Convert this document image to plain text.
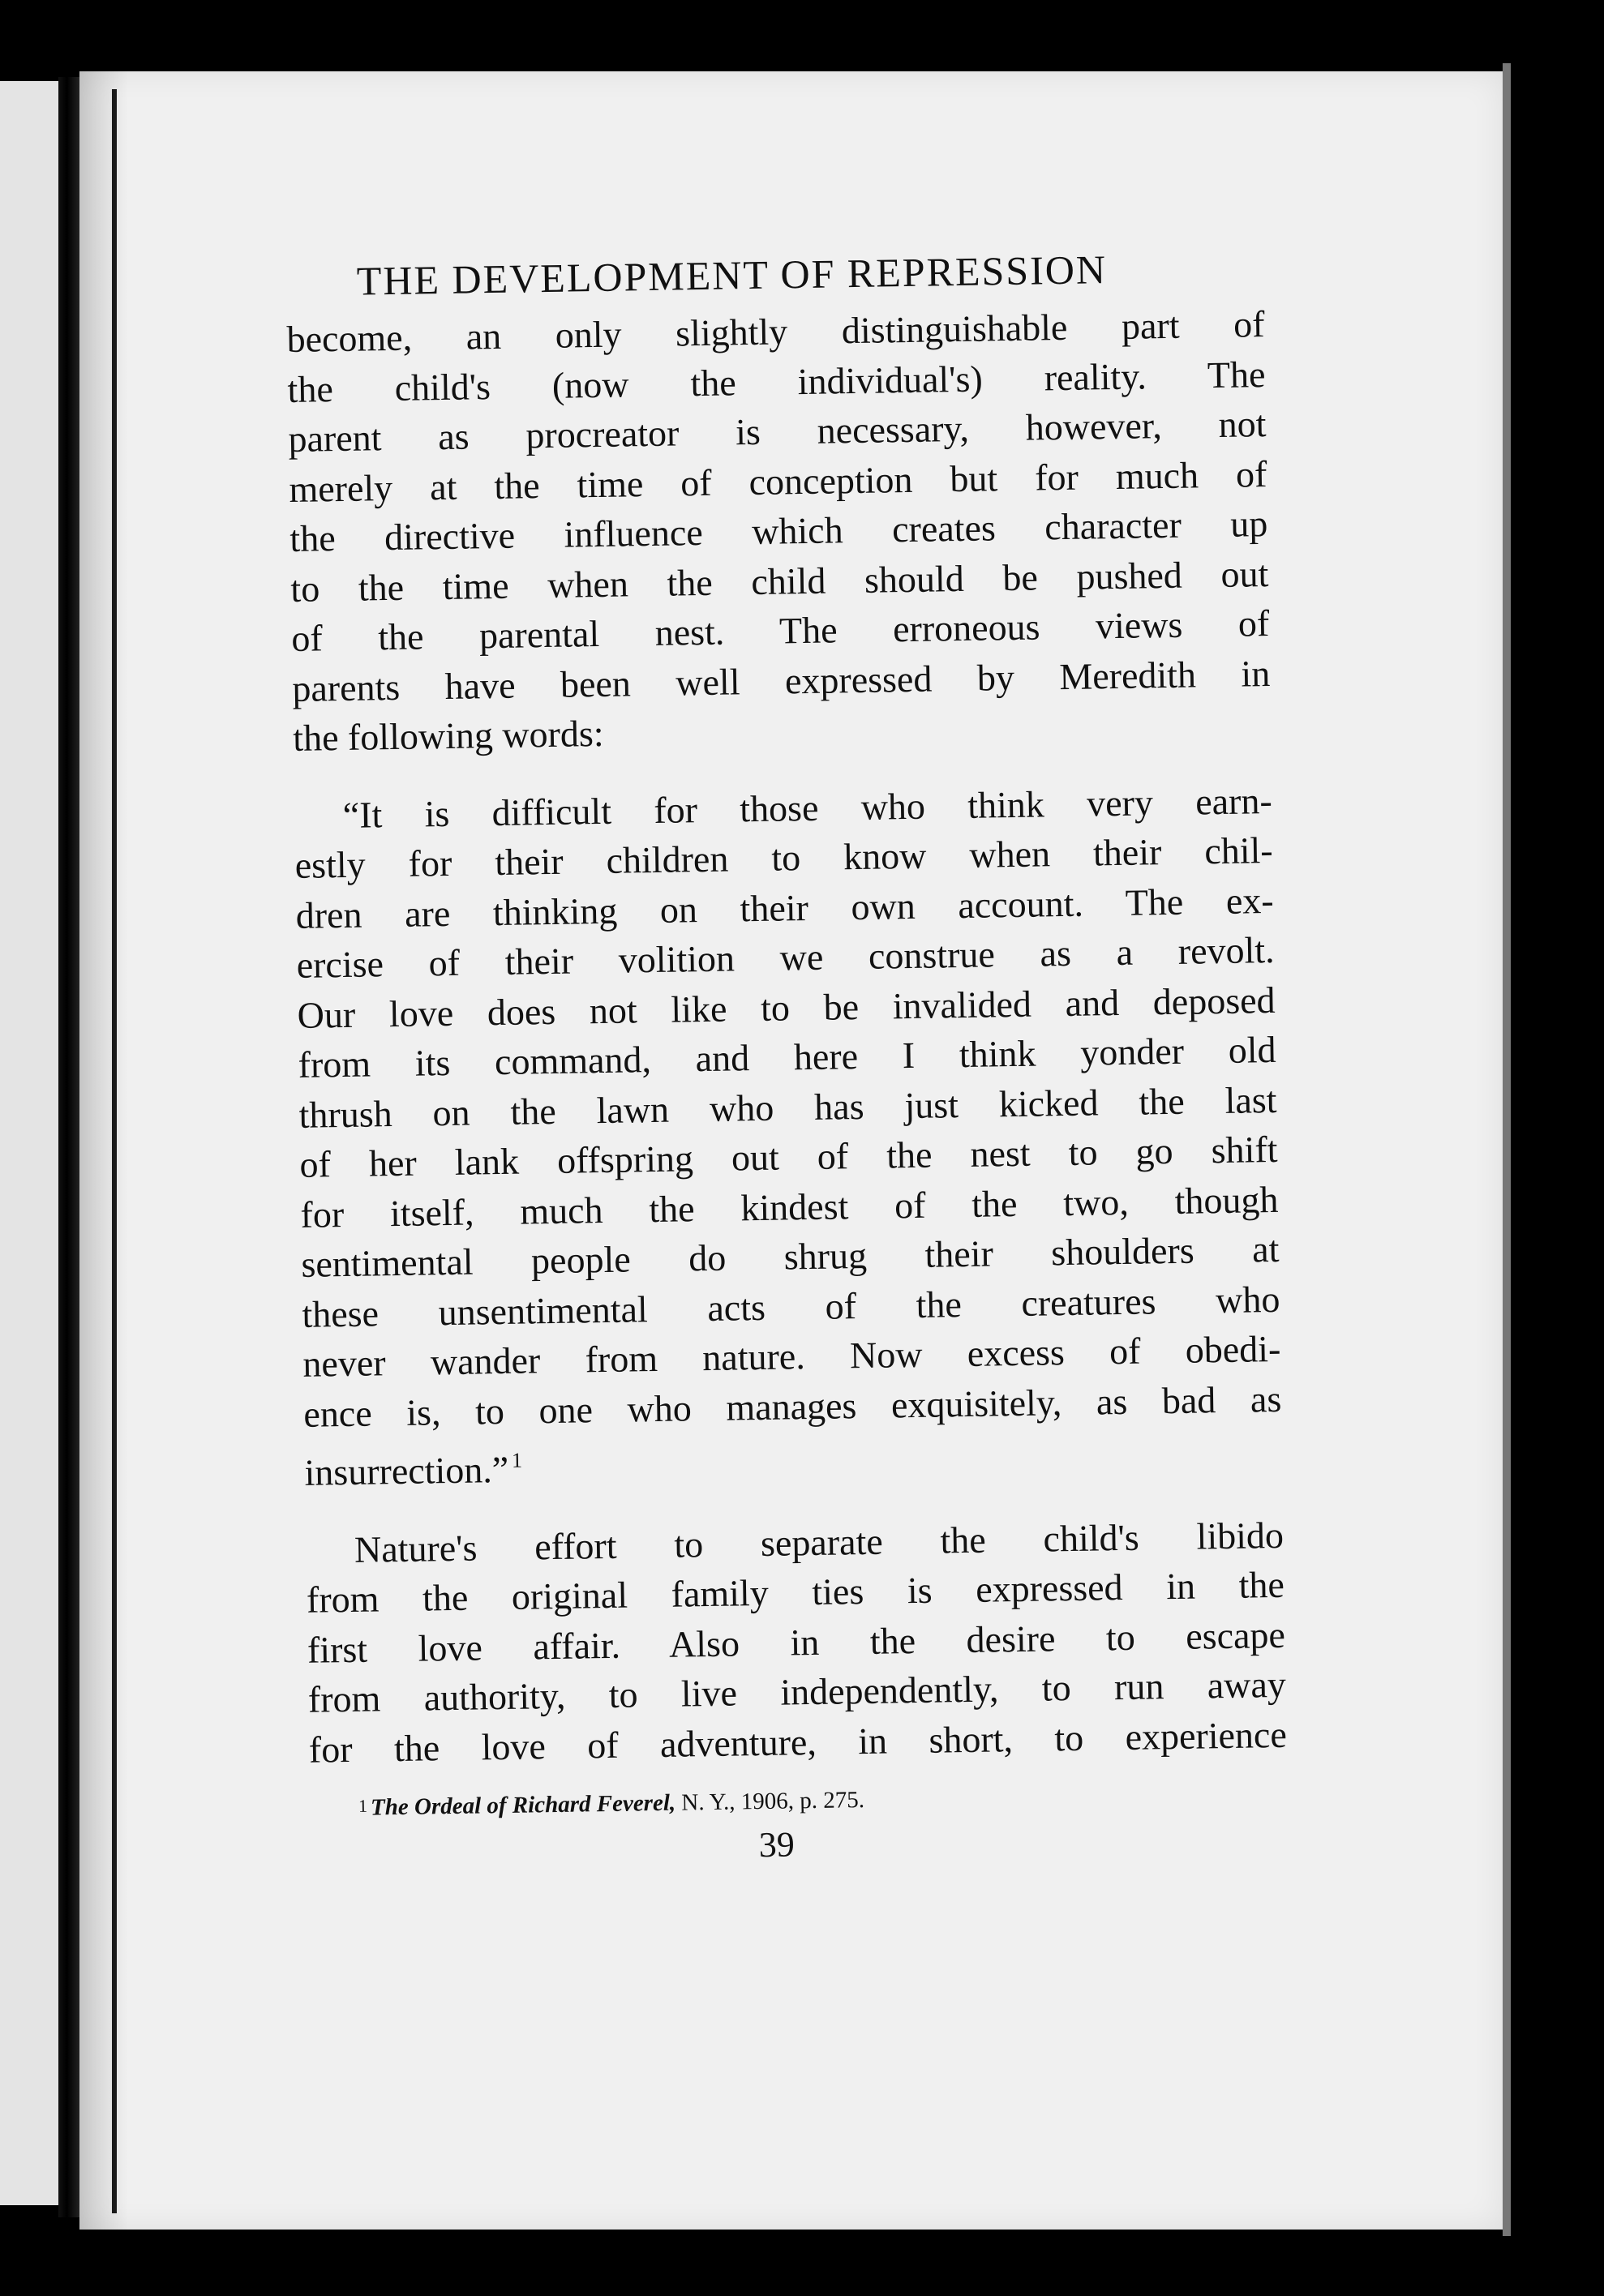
THE DEVELOPMENT OF REPRESSION

become, an only slightly distinguishable part of

the child's (now the individual's) reality. The

parent as procreator is necessary, however, not

merely at the time of conception but for much of

the directive influence which creates character up

to the time when the child should be pushed out

of the parental nest. The erroneous views of

parents have been well expressed by Meredith in

the following words:

“It is difficult for those who think very earn-

estly for their children to know when their chil-

dren are thinking on their own account. The ex-

ercise of their volition we construe as a revolt.

Our love does not like to be invalided and deposed

from its command, and here I think yonder old

thrush on the lawn who has just kicked the last

of her lank offspring out of the nest to go shift

for itself, much the kindest of the two, though

sentimental people do shrug their shoulders at

these unsentimental acts of the creatures who

never wander from nature. Now excess of obedi-

ence is, to one who manages exquisitely, as bad as

insurrection.” $^1$

Nature's effort to separate the child's libido

from the original family ties is expressed in the

first love affair. Also in the desire to escape

from authority, to live independently, to run away

for the love of adventure, in short, to experience

1 The Ordeal of Richard Feverel, N. Y., 1906, p. 275.
39
